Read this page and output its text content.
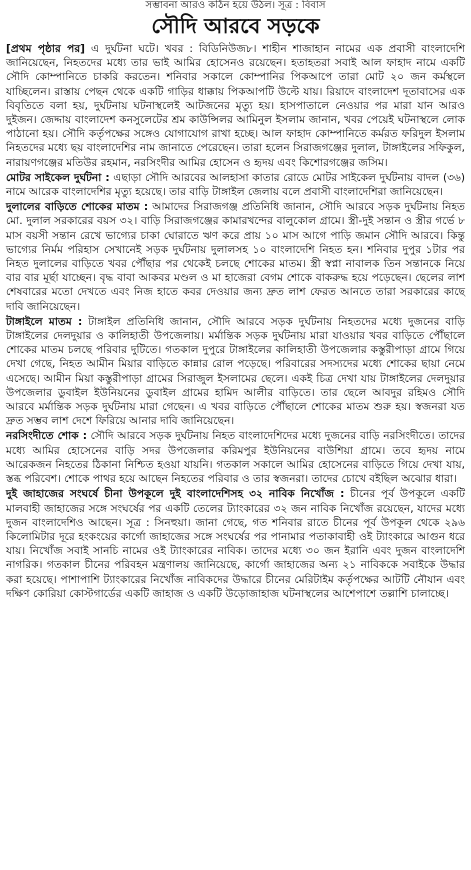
সম্ভাবনা আরও কঠিন হয়ে উঠল। সূত্র : বিবাস
সৌদি আরবে সড়কে

[প্রথম পৃষ্ঠার পর] এ দুর্ঘটনা ঘটে। খবর : বিডিনিউজ৮। শাহীন শাজাহান নামের এক প্রবাসী বাংলাদেশি জানিয়েছেন, নিহতদের মধ্যে তার ভাই আমির হোসেনও রয়েছেন। হতাহতরা সবাই আল ফাহাদ নামে একটি সৌদি কোম্পানিতে চাকরি করতেন। শনিবার সকালে কোম্পানির পিকআপে তারা মোট ২০ জন কর্মস্থলে যাচ্ছিলেন। রাস্তায় পেছন থেকে একটি গাড়ির ধাক্কায় পিকআপটি উল্টে যায়। রিয়াদে বাংলাদেশ দূতাবাসের এক বিবৃতিতে বলা হয়, দুর্ঘটনায় ঘটনাস্থলেই আটজনের মৃত্যু হয়। হাসপাতালে নেওয়ার পর মারা যান আরও দুইজন। জেদ্দায় বাংলাদেশ কনসুলেটের শ্রম কাউন্সিলর আমিনুল ইসলাম জানান, খবর পেয়েই ঘটনাস্থলে লোক পাঠানো হয়। সৌদি কর্তৃপক্ষের সঙ্গেও যোগাযোগ রাখা হচ্ছে। আল ফাহাদ কোম্পানিতে কর্মরত ফরিদুল ইসলাম নিহতদের মধ্যে ছয় বাংলাদেশির নাম জানাতে পেরেছেন। তারা হলেন সিরাজগঞ্জের দুলাল, টাঙ্গাইলের সফিকুল, নারায়ণগঞ্জের মতিউর রহমান, নরসিংদীর আমির হোসেন ও হৃদয় এবং কিশোরগঞ্জের জসিম।

মোটর সাইকেল দুর্ঘটনা : এছাড়া সৌদি আরবের আলহাসা কাতার রোডে মোটর সাইকেল দুর্ঘটনায় বাদল (৩৬) নামে আরেক বাংলাদেশির মৃত্যু হয়েছে। তার বাড়ি টাঙ্গাইল জেলায় বলে প্রবাসী বাংলাদেশিরা জানিয়েছেন।

দুলালের বাড়িতে শোকের মাতম : আমাদের সিরাজগঞ্জ প্রতিনিধি জানান, সৌদি আরবে সড়ক দুর্ঘটনায় নিহত মো. দুলাল সরকারের বয়স ৩২। বাড়ি সিরাজগঞ্জের কামারখন্দের বালুকোল গ্রামে। স্ত্রী-দুই সন্তান ও স্ত্রীর গর্ভে ৮ মাস বয়সী সন্তান রেখে ভাগ্যের চাকা ঘোরাতে ঋণ করে প্রায় ১০ মাস আগে পাড়ি জমান সৌদি আরবে। কিন্তু ভাগ্যের নির্মম পরিহাস সেখানেই সড়ক দুর্ঘটনায় দুলালসহ ১০ বাংলাদেশি নিহত হন। শনিবার দুপুর ১টার পর নিহত দুলালের বাড়িতে খবর পৌঁছার পর থেকেই চলছে শোকের মাতম। স্ত্রী স্বপ্না নাবালক তিন সন্তানকে নিয়ে বার বার মূর্ছা যাচ্ছেন। বৃদ্ধ বাবা আকবর মণ্ডল ও মা হাজেরা বেগম শোকে বাকরুদ্ধ হয়ে পড়েছেন। ছেলের লাশ শেষবারের মতো দেখতে এবং নিজ হাতে কবর দেওয়ার জন্য দ্রুত লাশ ফেরত আনতে তারা সরকারের কাছে দাবি জানিয়েছেন।

টাঙ্গাইলে মাতম : টাঙ্গাইল প্রতিনিধি জানান, সৌদি আরবে সড়ক দুর্ঘটনায় নিহতদের মধ্যে দুজনের বাড়ি টাঙ্গাইলের দেলদুয়ার ও কালিহাতী উপজেলায়। মর্মান্তিক সড়ক দুর্ঘটনায় মারা যাওয়ার খবর বাড়িতে পৌঁছালে শোকের মাতম চলছে পরিবার দুটিতে। গতকাল দুপুরে টাঙ্গাইলের কালিহাতী উপজেলার কস্তুরীপাড়া গ্রামে গিয়ে দেখা গেছে, নিহত আমীন মিয়ার বাড়িতে কান্নার রোল পড়েছে। পরিবারের সদস্যদের মধ্যে শোকের ছায়া নেমে এসেছে। আমীন মিয়া কস্তুরীপাড়া গ্রামের সিরাজুল ইসলামের ছেলে। একই চিত্র দেখা যায় টাঙ্গাইলের দেলদুয়ার উপজেলার ডুবাইল ইউনিয়নের ডুবাইল গ্রামের হামিদ আলীর বাড়িতে। তার ছেলে আবদুর রহিমও সৌদি আরবে মর্মান্তিক সড়ক দুর্ঘটনায় মারা গেছেন। এ খবর বাড়িতে পৌঁছালে শোকের মাতম শুরু হয়। স্বজনরা যত দ্রুত সম্ভব লাশ দেশে ফিরিয়ে আনার দাবি জানিয়েছেন।

নরসিংদীতে শোক : সৌদি আরবে সড়ক দুর্ঘটনায় নিহত বাংলাদেশিদের মধ্যে দুজনের বাড়ি নরসিংদীতে। তাদের মধ্যে আমির হোসেনের বাড়ি সদর উপজেলার করিমপুর ইউনিয়নের বাউশিয়া গ্রামে। তবে হৃদয় নামে আরেকজন নিহতের ঠিকানা নিশ্চিত হওয়া যায়নি। গতকাল সকালে আমির হোসেনের বাড়িতে গিয়ে দেখা যায়, স্তব্ধ পরিবেশ। শোকে পাথর হয়ে আছেন নিহতের পরিবার ও তার স্বজনরা। তাদের চোখে বইছিল অঝোর ধারা।

দুই জাহাজের সংঘর্ষে চীনা উপকূলে দুই বাংলাদেশিসহ ৩২ নাবিক নিখোঁজ : চীনের পূর্ব উপকূলে একটি মালবাহী জাহাজের সঙ্গে সংঘর্ষের পর একটি তেলের ট্যাংকারের ৩২ জন নাবিক নিখোঁজ রয়েছেন, যাদের মধ্যে দুজন বাংলাদেশিও আছেন। সূত্র : সিনহুয়া। জানা গেছে, গত শনিবার রাতে চীনের পূর্ব উপকূল থেকে ২৯৬ কিলোমিটার দূরে হংকংয়ের কার্গো জাহাজের সঙ্গে সংঘর্ষের পর পানামার পতাকাবাহী ওই ট্যাংকারে আগুন ধরে যায়। নিখোঁজ সবাই সানচি নামের ওই ট্যাংকারের নাবিক। তাদের মধ্যে ৩০ জন ইরানি এবং দুজন বাংলাদেশি নাগরিক। গতকাল চীনের পরিবহন মন্ত্রণালয় জানিয়েছে, কার্গো জাহাজের অন্য ২১ নাবিককে সবাইকে উদ্ধার করা হয়েছে। পাশাপাশি ট্যাংকারের নিখোঁজ নাবিকদের উদ্ধারে চীনের মেরিটাইম কর্তৃপক্ষের আটটি নৌযান এবং দক্ষিণ কোরিয়া কোস্টগার্ডের একটি জাহাজ ও একটি উড়োজাহাজ ঘটনাস্থলের আশেপাশে তল্লাশি চালাচ্ছে।
